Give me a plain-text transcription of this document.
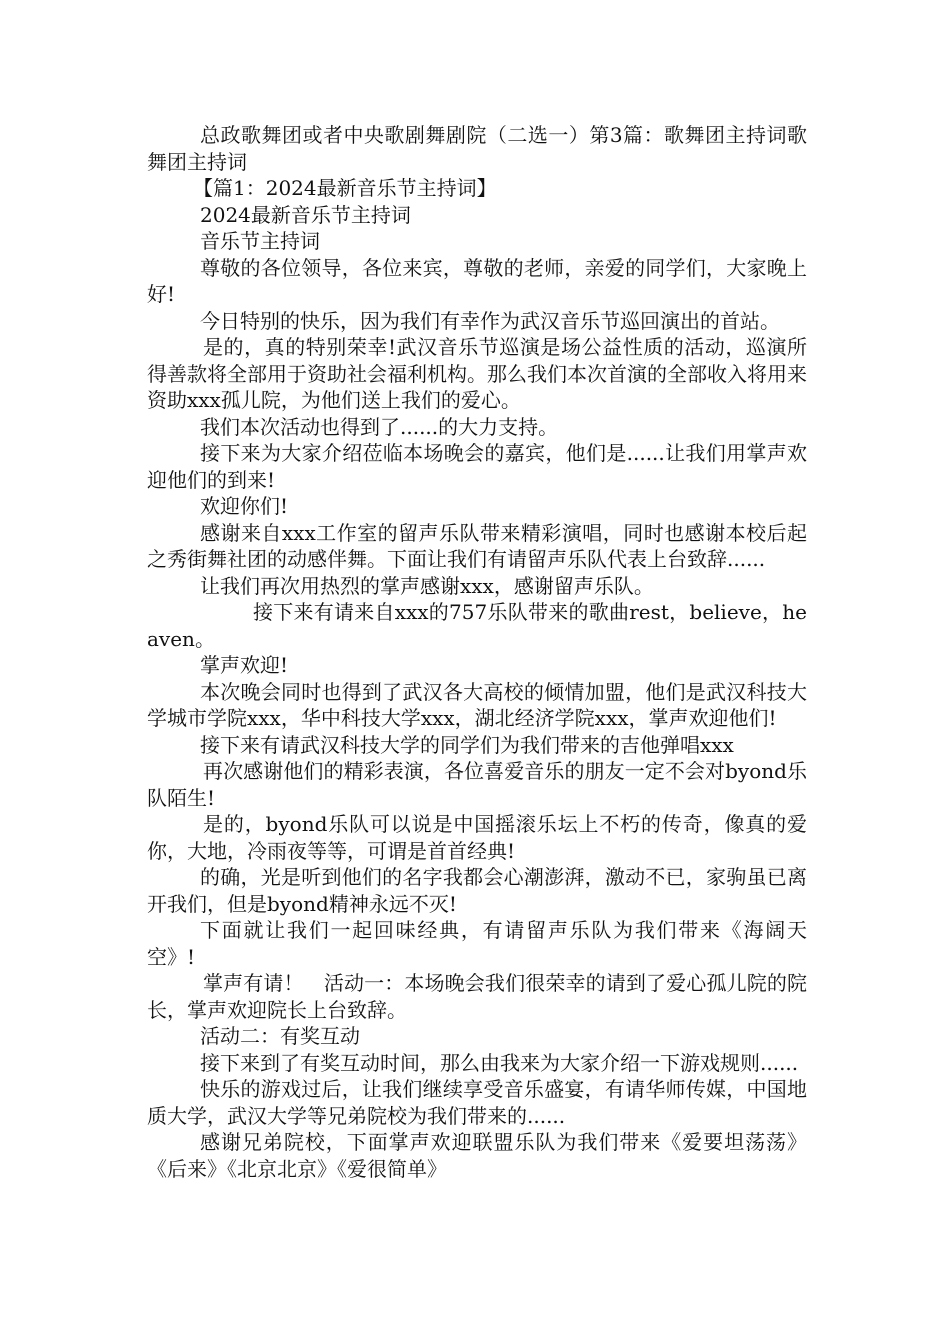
总政歌舞团或者中央歌剧舞剧院（二选一）第3篇：歌舞团主持词歌舞团主持词

【篇1：2024最新音乐节主持词】

2024最新音乐节主持词

音乐节主持词

尊敬的各位领导，各位来宾，尊敬的老师，亲爱的同学们，大家晚上好!

今日特别的快乐，因为我们有幸作为武汉音乐节巡回演出的首站。

是的，真的特别荣幸!武汉音乐节巡演是场公益性质的活动，巡演所得善款将全部用于资助社会福利机构。那么我们本次首演的全部收入将用来资助xxx孤儿院，为他们送上我们的爱心。

我们本次活动也得到了......的大力支持。

接下来为大家介绍莅临本场晚会的嘉宾，他们是......让我们用掌声欢迎他们的到来!

欢迎你们!

感谢来自xxx工作室的留声乐队带来精彩演唱，同时也感谢本校后起之秀街舞社团的动感伴舞。下面让我们有请留声乐队代表上台致辞......

让我们再次用热烈的掌声感谢xxx，感谢留声乐队。

接下来有请来自xxx的757乐队带来的歌曲rest，believe，heaven。

掌声欢迎!

本次晚会同时也得到了武汉各大高校的倾情加盟，他们是武汉科技大学城市学院xxx，华中科技大学xxx，湖北经济学院xxx，掌声欢迎他们!

接下来有请武汉科技大学的同学们为我们带来的吉他弹唱xxx

再次感谢他们的精彩表演，各位喜爱音乐的朋友一定不会对byond乐队陌生!

是的，byond乐队可以说是中国摇滚乐坛上不朽的传奇，像真的爱你，大地，冷雨夜等等，可谓是首首经典!

的确，光是听到他们的名字我都会心潮澎湃，激动不已，家驹虽已离开我们，但是byond精神永远不灭!

下面就让我们一起回味经典，有请留声乐队为我们带来《海阔天空》!

掌声有请！　活动一：本场晚会我们很荣幸的请到了爱心孤儿院的院长，掌声欢迎院长上台致辞。

活动二：有奖互动

接下来到了有奖互动时间，那么由我来为大家介绍一下游戏规则......

快乐的游戏过后，让我们继续享受音乐盛宴，有请华师传媒，中国地质大学，武汉大学等兄弟院校为我们带来的......

感谢兄弟院校，下面掌声欢迎联盟乐队为我们带来《爱要坦荡荡》《后来》《北京北京》《爱很简单》
